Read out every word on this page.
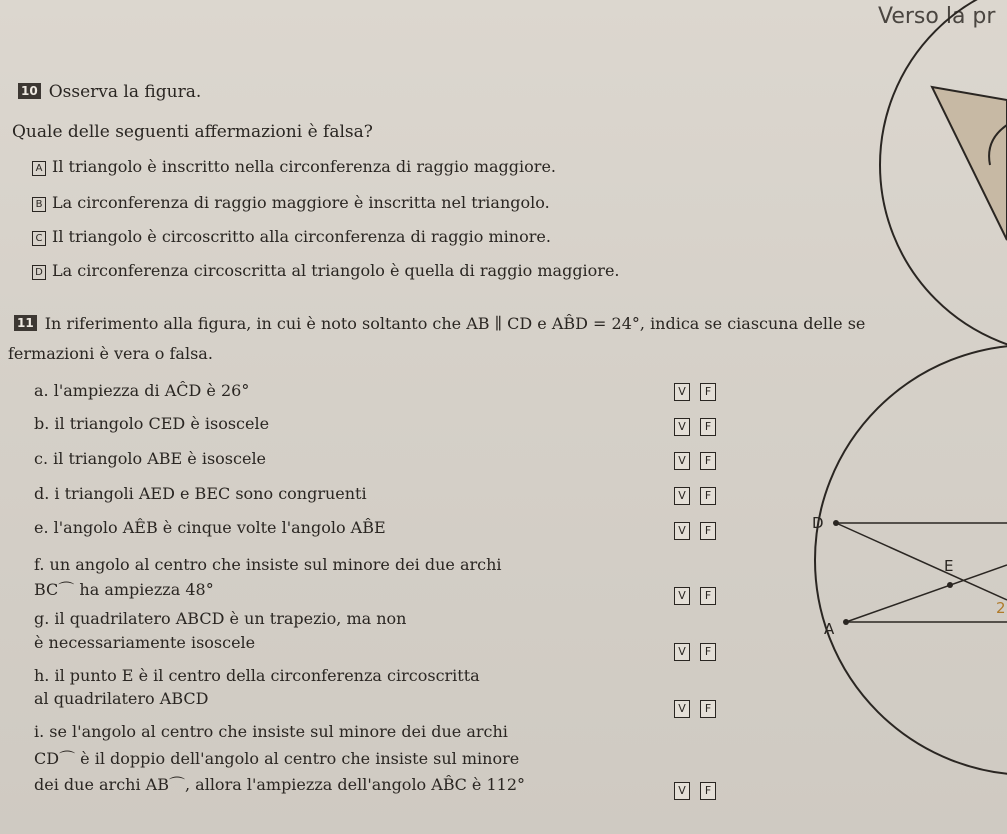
Verso la pr
10 Osserva la figura.
Quale delle seguenti affermazioni è falsa?
A Il triangolo è inscritto nella circonferenza di raggio maggiore.
B La circonferenza di raggio maggiore è inscritta nel triangolo.
C Il triangolo è circoscritto alla circonferenza di raggio minore.
D La circonferenza circoscritta al triangolo è quella di raggio maggiore.
11 In riferimento alla figura, in cui è noto soltanto che AB ∥ CD e AB̂D = 24°, indica se ciascuna delle se
fermazioni è vera o falsa.
a. l'ampiezza di AĈD è 26°	V	F
b. il triangolo CED è isoscele	V	F
c. il triangolo ABE è isoscele	V	F
d. i triangoli AED e BEC sono congruenti	V	F
e. l'angolo AÊB è cinque volte l'angolo AB̂E	V	F
f. un angolo al centro che insiste sul minore dei due archi
BC⌒ ha ampiezza 48°	V	F
g. il quadrilatero ABCD è un trapezio, ma non
è necessariamente isoscele	V	F
h. il punto E è il centro della circonferenza circoscritta
al quadrilatero ABCD
V	F
i. se l'angolo al centro che insiste sul minore dei due archi
CD⌒ è il doppio dell'angolo al centro che insiste sul minore
dei due archi AB⌒, allora l'ampiezza dell'angolo AB̂C è 112°	V	F
D
E
A
2
